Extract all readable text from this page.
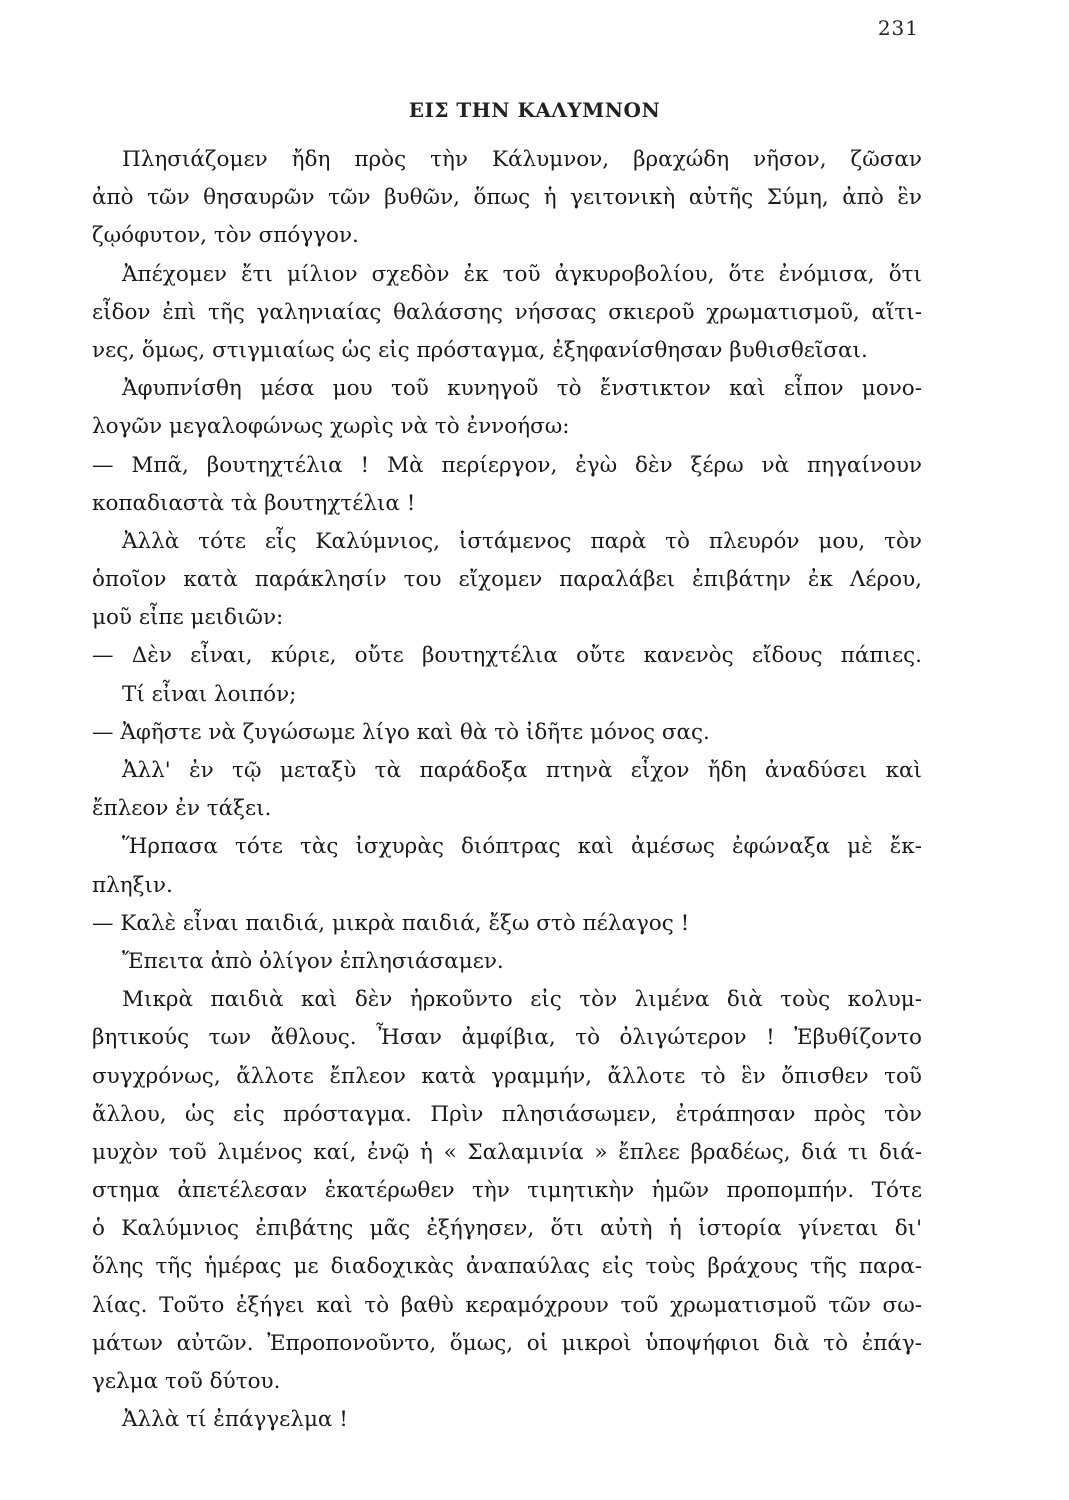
231
ΕΙΣ ΤΗΝ ΚΑΛΥΜΝΟΝ
Πλησιάζομεν ἤδη πρὸς τὴν Κάλυμνον, βραχώδη νῆσον, ζῶσαν
ἀπὸ τῶν θησαυρῶν τῶν βυθῶν, ὅπως ἡ γειτονικὴ αὐτῆς Σύμη, ἀπὸ ἓν
ζῳόφυτον, τὸν σπόγγον.
Ἀπέχομεν ἔτι μίλιον σχεδὸν ἐκ τοῦ ἀγκυροβολίου, ὅτε ἐνόμισα, ὅτι
εἶδον ἐπὶ τῆς γαληνιαίας θαλάσσης νήσσας σκιεροῦ χρωματισμοῦ, αἵτι-
νες, ὅμως, στιγμιαίως ὡς εἰς πρόσταγμα, ἐξηφανίσθησαν βυθισθεῖσαι.
Ἀφυπνίσθη μέσα μου τοῦ κυνηγοῦ τὸ ἔνστικτον καὶ εἶπον μονο-
λογῶν μεγαλοφώνως χωρὶς νὰ τὸ ἐννοήσω:
— Μπᾶ, βουτηχτέλια ! Μὰ περίεργον, ἐγὼ δὲν ξέρω νὰ πηγαίνουν
κοπαδιαστὰ τὰ βουτηχτέλια !
Ἀλλὰ τότε εἷς Καλύμνιος, ἱστάμενος παρὰ τὸ πλευρόν μου, τὸν
ὁποῖον κατὰ παράκλησίν του εἴχομεν παραλάβει ἐπιβάτην ἐκ Λέρου,
μοῦ εἶπε μειδιῶν:
— Δὲν εἶναι, κύριε, οὔτε βουτηχτέλια οὔτε κανενὸς εἴδους πάπιες.
Τί εἶναι λοιπόν;
— Ἀφῆστε νὰ ζυγώσωμε λίγο καὶ θὰ τὸ ἰδῆτε μόνος σας.
Ἀλλ' ἐν τῷ μεταξὺ τὰ παράδοξα πτηνὰ εἶχον ἤδη ἀναδύσει καὶ
ἔπλεον ἐν τάξει.
Ἥρπασα τότε τὰς ἰσχυρὰς διόπτρας καὶ ἀμέσως ἐφώναξα μὲ ἔκ-
πληξιν.
— Καλὲ εἶναι παιδιά, μικρὰ παιδιά, ἔξω στὸ πέλαγος !
Ἔπειτα ἀπὸ ὀλίγον ἐπλησιάσαμεν.
Μικρὰ παιδιὰ καὶ δὲν ἠρκοῦντο εἰς τὸν λιμένα διὰ τοὺς κολυμ-
βητικούς των ἄθλους. Ἦσαν ἀμφίβια, τὸ ὀλιγώτερον ! Ἐβυθίζοντο
συγχρόνως, ἄλλοτε ἔπλεον κατὰ γραμμήν, ἄλλοτε τὸ ἓν ὄπισθεν τοῦ
ἄλλου, ὡς εἰς πρόσταγμα. Πρὶν πλησιάσωμεν, ἐτράπησαν πρὸς τὸν
μυχὸν τοῦ λιμένος καί, ἐνῷ ἡ « Σαλαμινία » ἔπλεε βραδέως, διά τι διά-
στημα ἀπετέλεσαν ἑκατέρωθεν τὴν τιμητικὴν ἡμῶν προπομπήν. Τότε
ὁ Καλύμνιος ἐπιβάτης μᾶς ἐξήγησεν, ὅτι αὐτὴ ἡ ἱστορία γίνεται δι'
ὅλης τῆς ἡμέρας με διαδοχικὰς ἀναπαύλας εἰς τοὺς βράχους τῆς παρα-
λίας. Τοῦτο ἐξήγει καὶ τὸ βαθὺ κεραμόχρουν τοῦ χρωματισμοῦ τῶν σω-
μάτων αὐτῶν. Ἐπροπονοῦντο, ὅμως, οἱ μικροὶ ὑποψήφιοι διὰ τὸ ἐπάγ-
γελμα τοῦ δύτου.
Ἀλλὰ τί ἐπάγγελμα !
